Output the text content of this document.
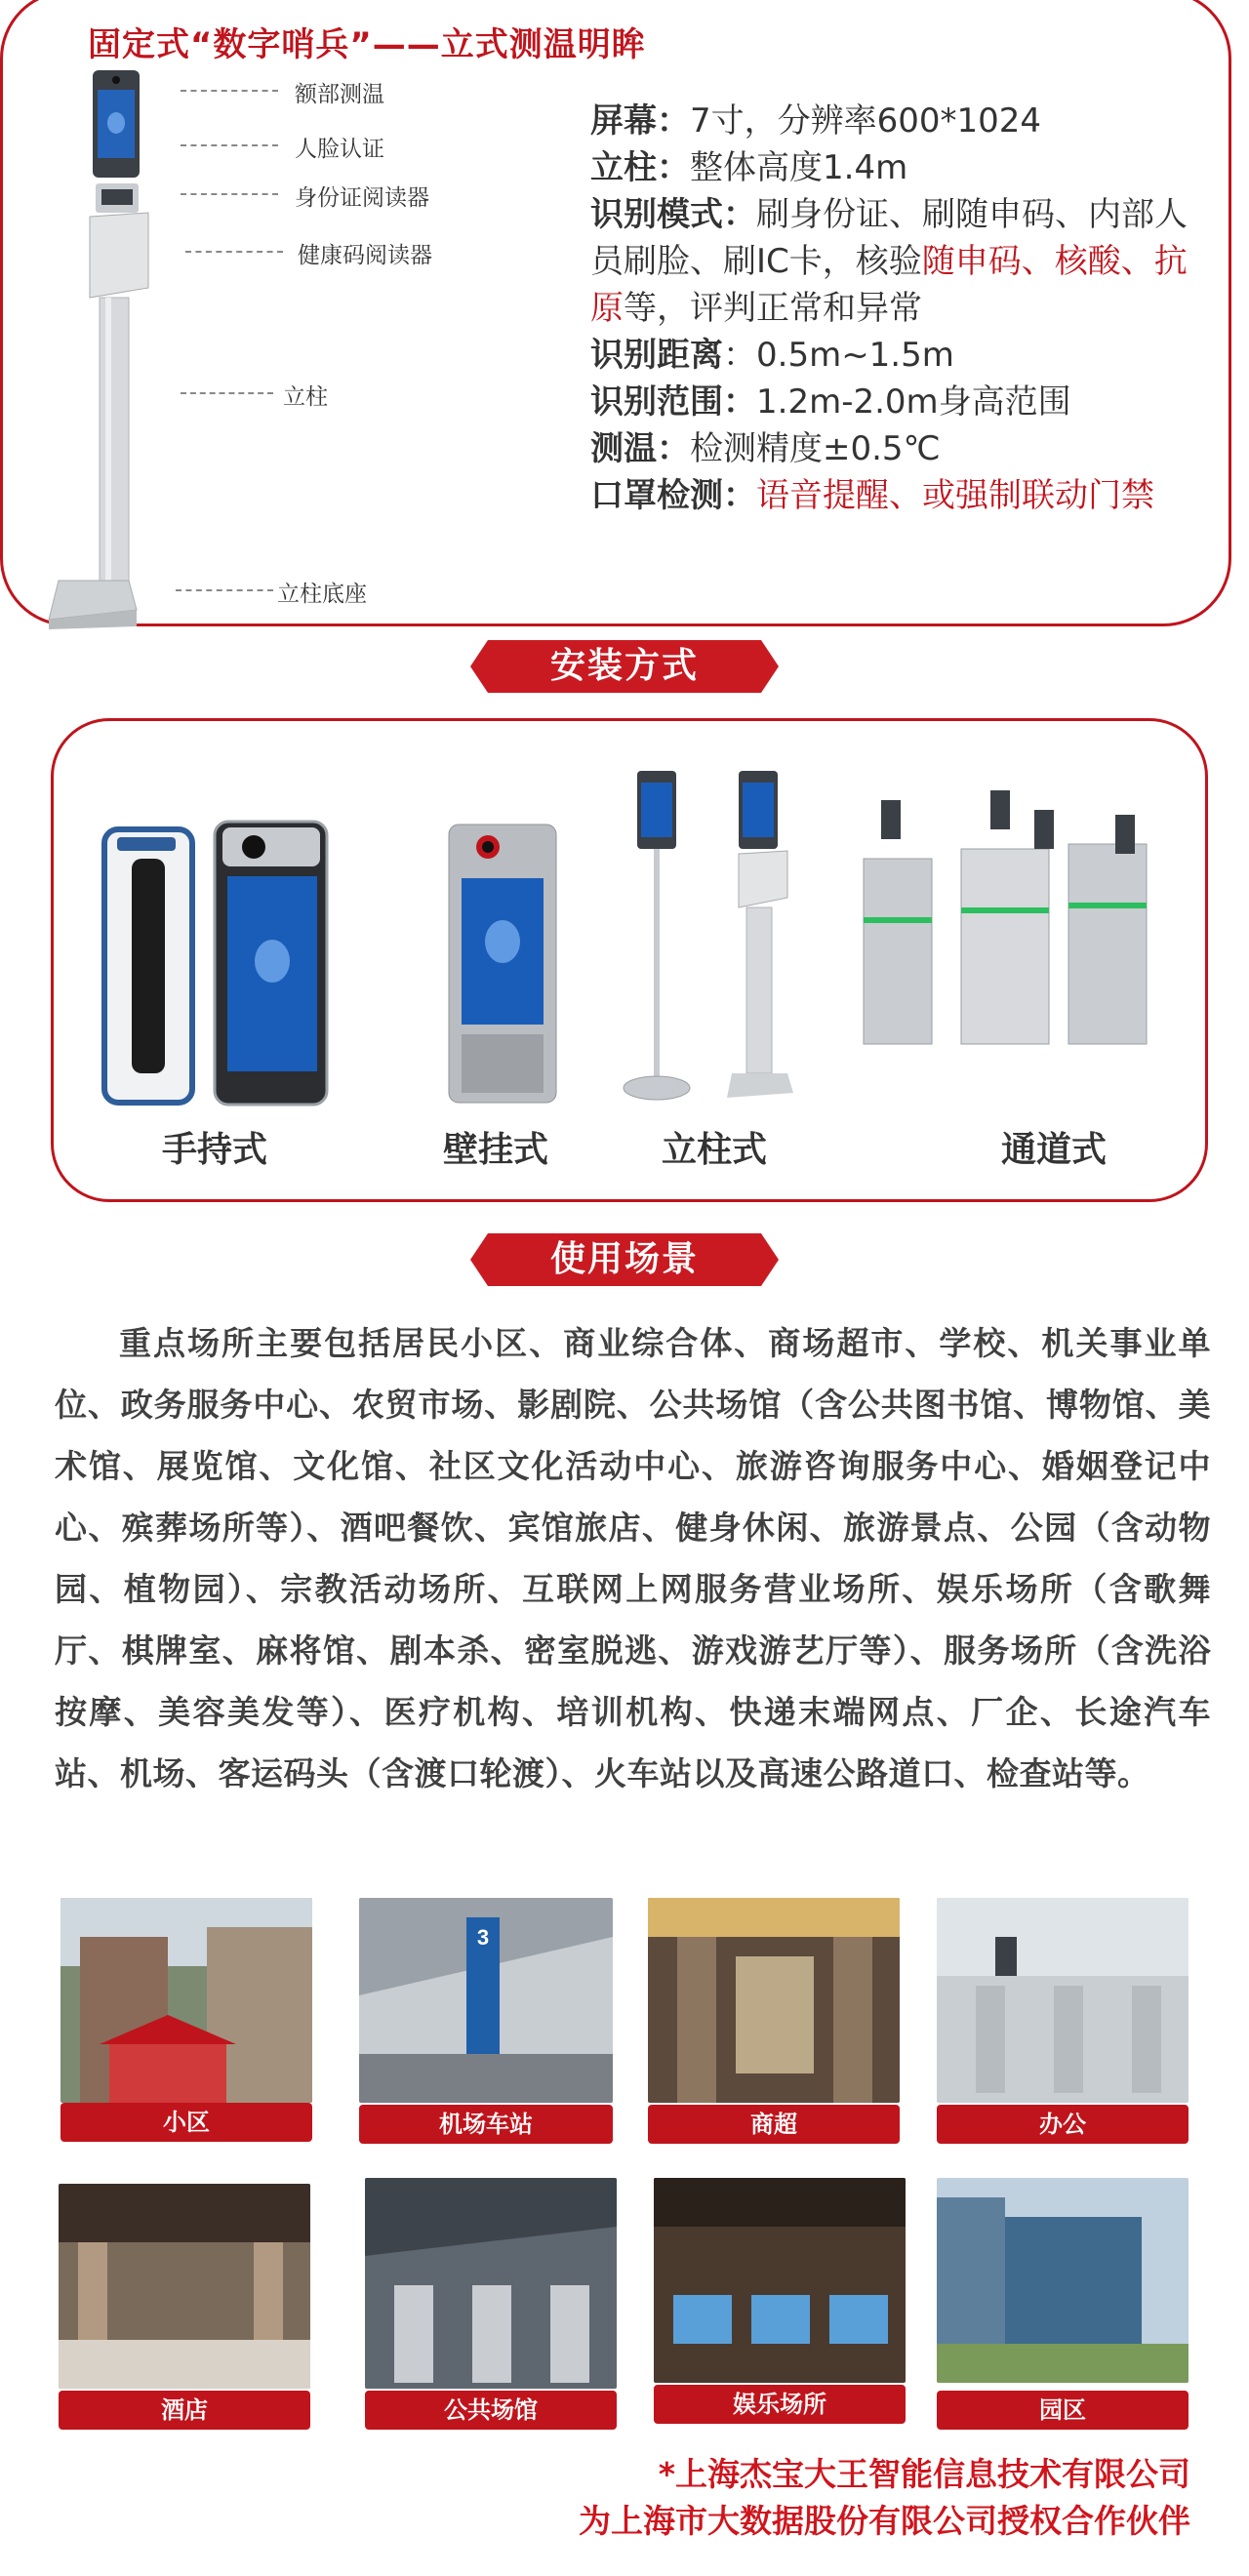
固定式“数字哨兵”——立式测温明眸
额部测温
人脸认证
身份证阅读器
健康码阅读器
立柱
立柱底座
屏幕：7寸，分辨率600*1024
立柱：整体高度1.4m
识别模式：刷身份证、刷随申码、内部人员刷脸、刷IC卡，核验随申码、核酸、抗原等，评判正常和异常
识别距离：0.5m~1.5m
识别范围：1.2m-2.0m身高范围
测温：检测精度±0.5℃
口罩检测：语音提醒、或强制联动门禁
安装方式
手持式	壁挂式	立柱式	通道式
使用场景
重点场所主要包括居民小区、商业综合体、商场超市、学校、机关事业单位、政务服务中心、农贸市场、影剧院、公共场馆（含公共图书馆、博物馆、美术馆、展览馆、文化馆、社区文化活动中心、旅游咨询服务中心、婚姻登记中心、殡葬场所等）、酒吧餐饮、宾馆旅店、健身休闲、旅游景点、公园（含动物园、植物园）、宗教活动场所、互联网上网服务营业场所、娱乐场所（含歌舞厅、棋牌室、麻将馆、剧本杀、密室脱逃、游戏游艺厅等）、服务场所（含洗浴按摩、美容美发等）、医疗机构、培训机构、快递末端网点、厂企、长途汽车站、机场、客运码头（含渡口轮渡）、火车站以及高速公路道口、检查站等。
小区
3
机场车站	商超	办公
酒店	公共场馆	娱乐场所	园区
*上海杰宝大王智能信息技术有限公司
为上海市大数据股份有限公司授权合作伙伴
